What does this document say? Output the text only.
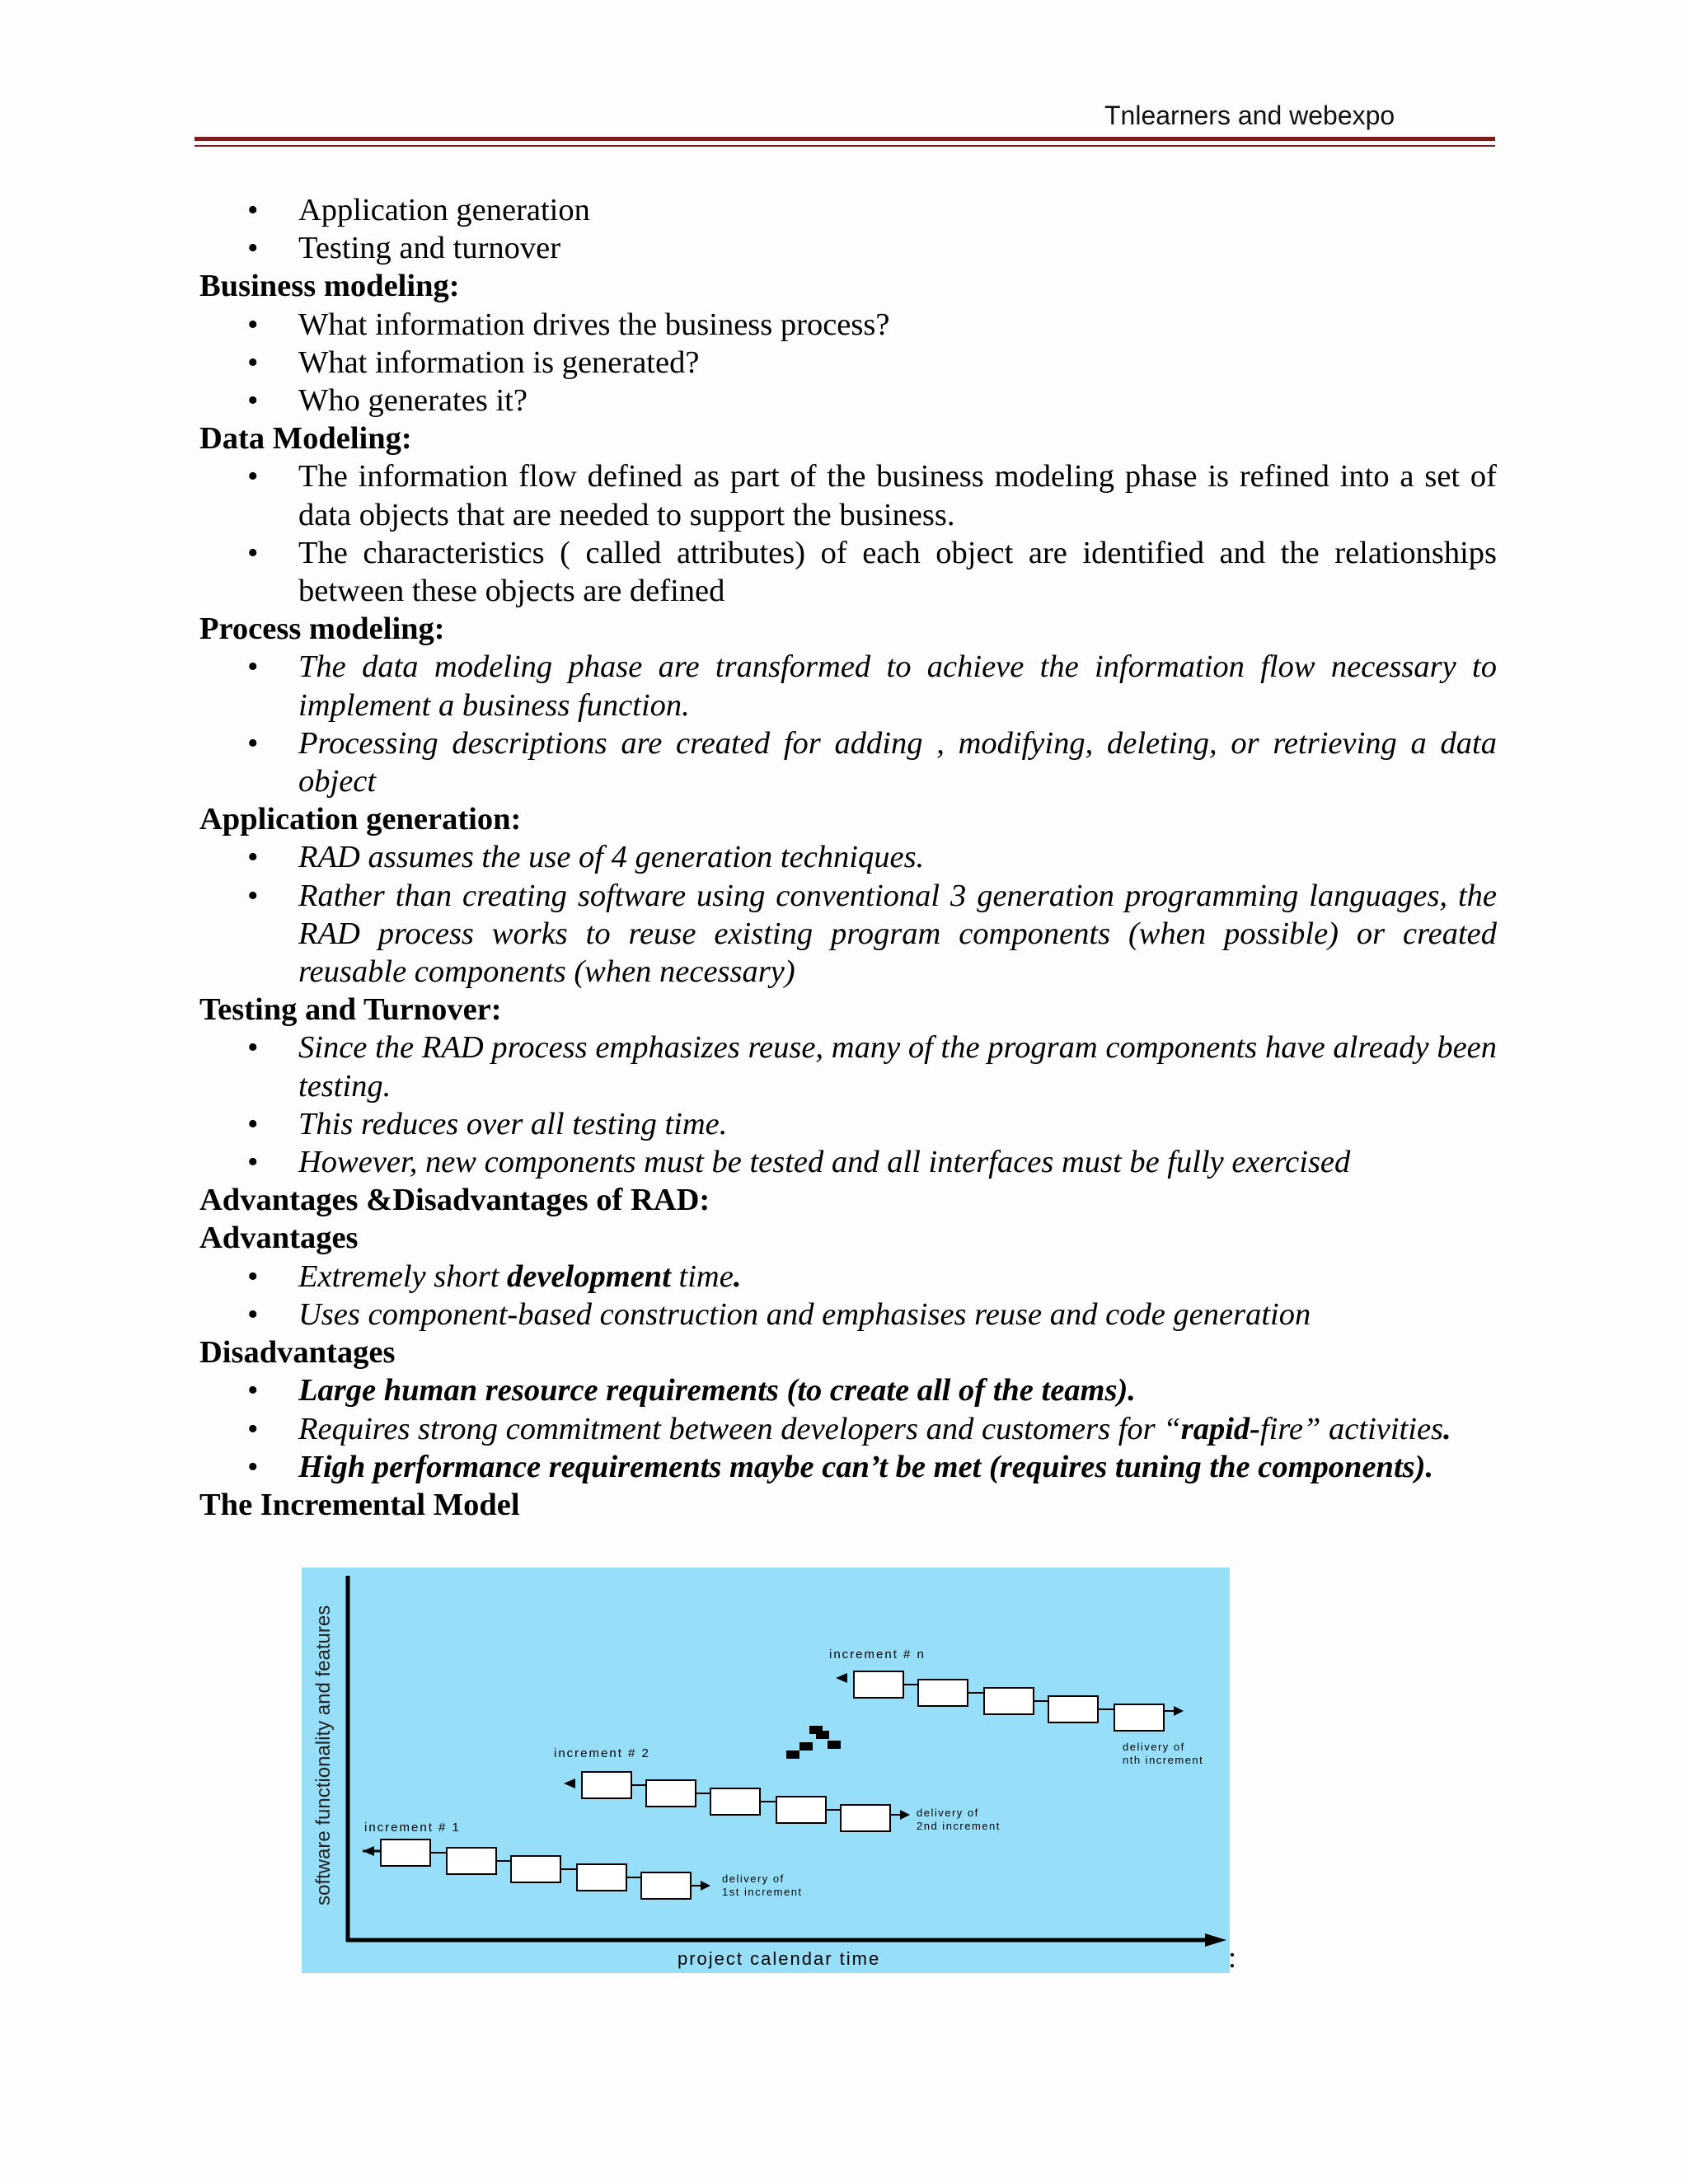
Tnlearners and webexpo
• Application generation
• Testing and turnover
Business modeling:
• What information drives the business process?
• What information is generated?
• Who generates it?
Data Modeling:
• The information flow defined as part of the business modeling phase is refined into a set of data objects that are needed to support the business.
• The characteristics ( called attributes) of each object are identified and the relationships between these objects are defined
Process modeling:
• The data modeling phase are transformed to achieve the information flow necessary to implement a business function.
• Processing descriptions are created for adding , modifying, deleting, or retrieving a data object
Application generation:
• RAD assumes the use of 4 generation techniques.
• Rather than creating software using conventional 3 generation programming languages, the RAD process works to reuse existing program components (when possible) or created reusable components (when necessary)
Testing and Turnover:
• Since the RAD process emphasizes reuse, many of the program components have already been testing.
• This reduces over all testing time.
• However, new components must be tested and all interfaces must be fully exercised
Advantages &Disadvantages of RAD:
Advantages
• Extremely short development time.
• Uses component-based construction and emphasises reuse and code generation
Disadvantages
• Large human resource requirements (to create all of the teams).
• Requires strong commitment between developers and customers for “rapid-fire” activities.
• High performance requirements maybe can’t be met (requires tuning the components).
The Incremental Model
software functionality and features
project calendar time
increment # 1
delivery of
1st increment
increment # 2
delivery of
2nd increment
increment # n
delivery of
nth increment
:
